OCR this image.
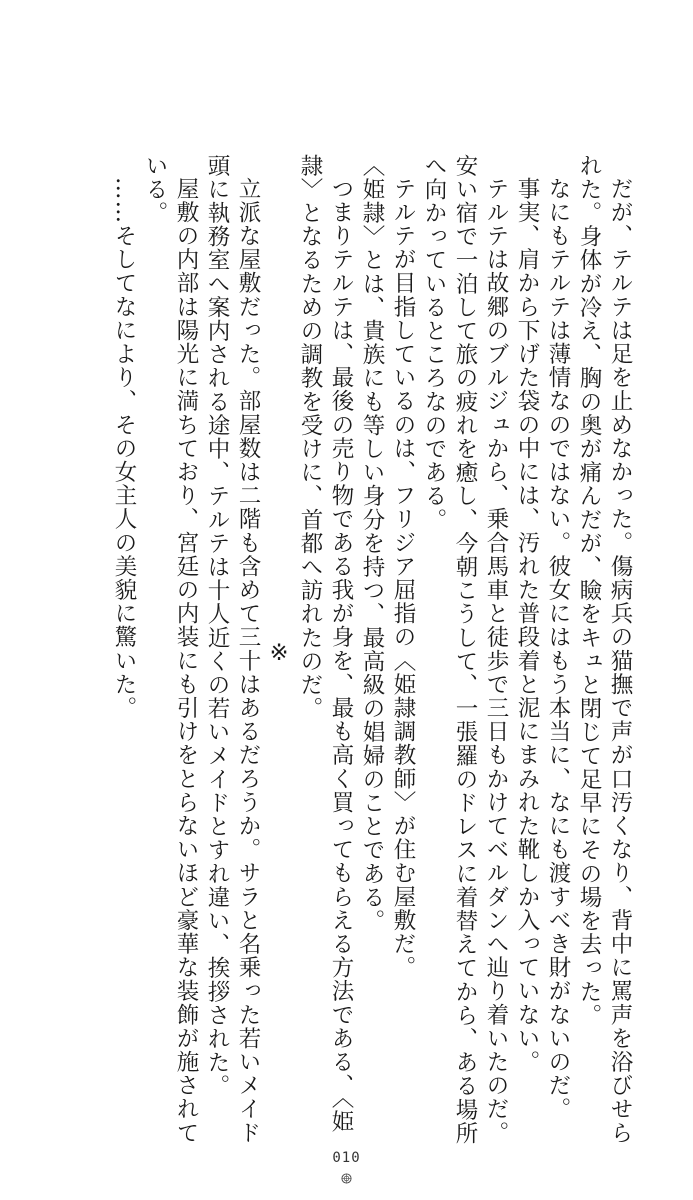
だが、テルテは足を止めなかった。傷病兵の猫撫で声が口汚くなり、背中に罵声を浴びせられた。身体が冷え、胸の奥が痛んだが、瞼をキュと閉じて足早にその場を去った。

なにもテルテは薄情なのではない。彼女にはもう本当に、なにも渡すべき財がないのだ。

事実、肩から下げた袋の中には、汚れた普段着と泥にまみれた靴しか入っていない。

テルテは故郷のブルジュから、乗合馬車と徒歩で三日もかけてベルダンへ辿り着いたのだ。安い宿で一泊して旅の疲れを癒し、今朝こうして、一張羅のドレスに着替えてから、ある場所へ向かっているところなのである。

テルテが目指しているのは、フリジア屈指の〈姫隷調教師〉が住む屋敷だ。

〈姫隷〉とは、貴族にも等しい身分を持つ、最高級の娼婦のことである。

つまりテルテは、最後の売り物である我が身を、最も高く買ってもらえる方法である、〈姫隷〉となるための調教を受けに、首都へ訪れたのだ。

※

立派な屋敷だった。部屋数は二階も含めて三十はあるだろうか。サラと名乗った若いメイド頭に執務室へ案内される途中、テルテは十人近くの若いメイドとすれ違い、挨拶された。

屋敷の内部は陽光に満ちており、宮廷の内装にも引けをとらないほど豪華な装飾が施されている。

……そしてなにより、その女主人の美貌に驚いた。

010
